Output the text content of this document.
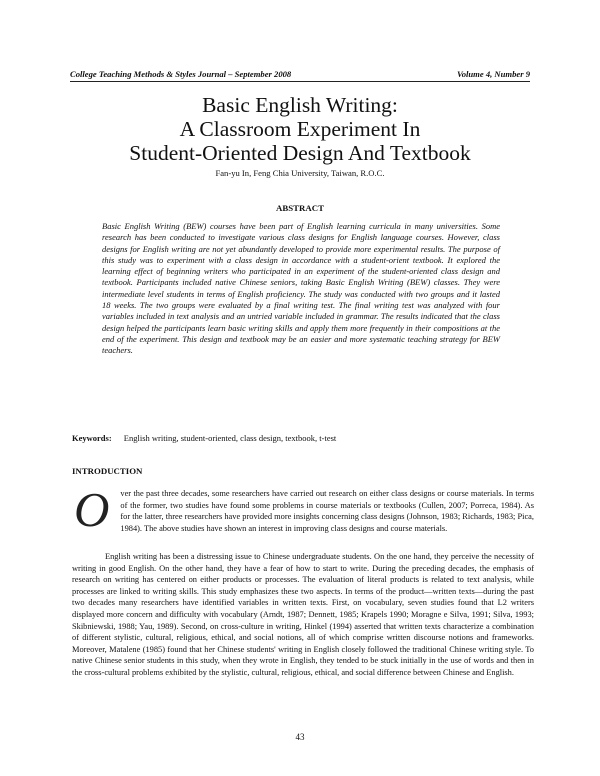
College Teaching Methods & Styles Journal – September 2008	Volume 4, Number 9
Basic English Writing:
A Classroom Experiment In
Student-Oriented Design And Textbook
Fan-yu In, Feng Chia University, Taiwan, R.O.C.
ABSTRACT
Basic English Writing (BEW) courses have been part of English learning curricula in many universities. Some research has been conducted to investigate various class designs for English language courses. However, class designs for English writing are not yet abundantly developed to provide more experimental results. The purpose of this study was to experiment with a class design in accordance with a student-orient textbook. It explored the learning effect of beginning writers who participated in an experiment of the student-oriented class design and textbook. Participants included native Chinese seniors, taking Basic English Writing (BEW) classes. They were intermediate level students in terms of English proficiency. The study was conducted with two groups and it lasted 18 weeks. The two groups were evaluated by a final writing test. The final writing test was analyzed with four variables included in text analysis and an untried variable included in grammar. The results indicated that the class design helped the participants learn basic writing skills and apply them more frequently in their compositions at the end of the experiment. This design and textbook may be an easier and more systematic teaching strategy for BEW teachers.
Keywords: English writing, student-oriented, class design, textbook, t-test
INTRODUCTION
O	ver the past three decades, some researchers have carried out research on either class designs or course materials. In terms of the former, two studies have found some problems in course materials or textbooks (Cullen, 2007; Porreca, 1984). As for the latter, three researchers have provided more insights concerning class designs (Johnson, 1983; Richards, 1983; Pica, 1984). The above studies have shown an interest in improving class designs and course materials.
English writing has been a distressing issue to Chinese undergraduate students. On the one hand, they perceive the necessity of writing in good English. On the other hand, they have a fear of how to start to write. During the preceding decades, the emphasis of research on writing has centered on either products or processes. The evaluation of literal products is related to text analysis, while processes are linked to writing skills. This study emphasizes these two aspects. In terms of the product—written texts—during the past two decades many researchers have identified variables in written texts. First, on vocabulary, seven studies found that L2 writers displayed more concern and difficulty with vocabulary (Arndt, 1987; Dennett, 1985; Krapels 1990; Moragne e Silva, 1991; Silva, 1993; Skibniewski, 1988; Yau, 1989). Second, on cross-culture in writing, Hinkel (1994) asserted that written texts characterize a combination of different stylistic, cultural, religious, ethical, and social notions, all of which comprise written discourse notions and frameworks. Moreover, Matalene (1985) found that her Chinese students' writing in English closely followed the traditional Chinese writing style. To native Chinese senior students in this study, when they wrote in English, they tended to be stuck initially in the use of words and then in the cross-cultural problems exhibited by the stylistic, cultural, religious, ethical, and social difference between Chinese and English.
43
